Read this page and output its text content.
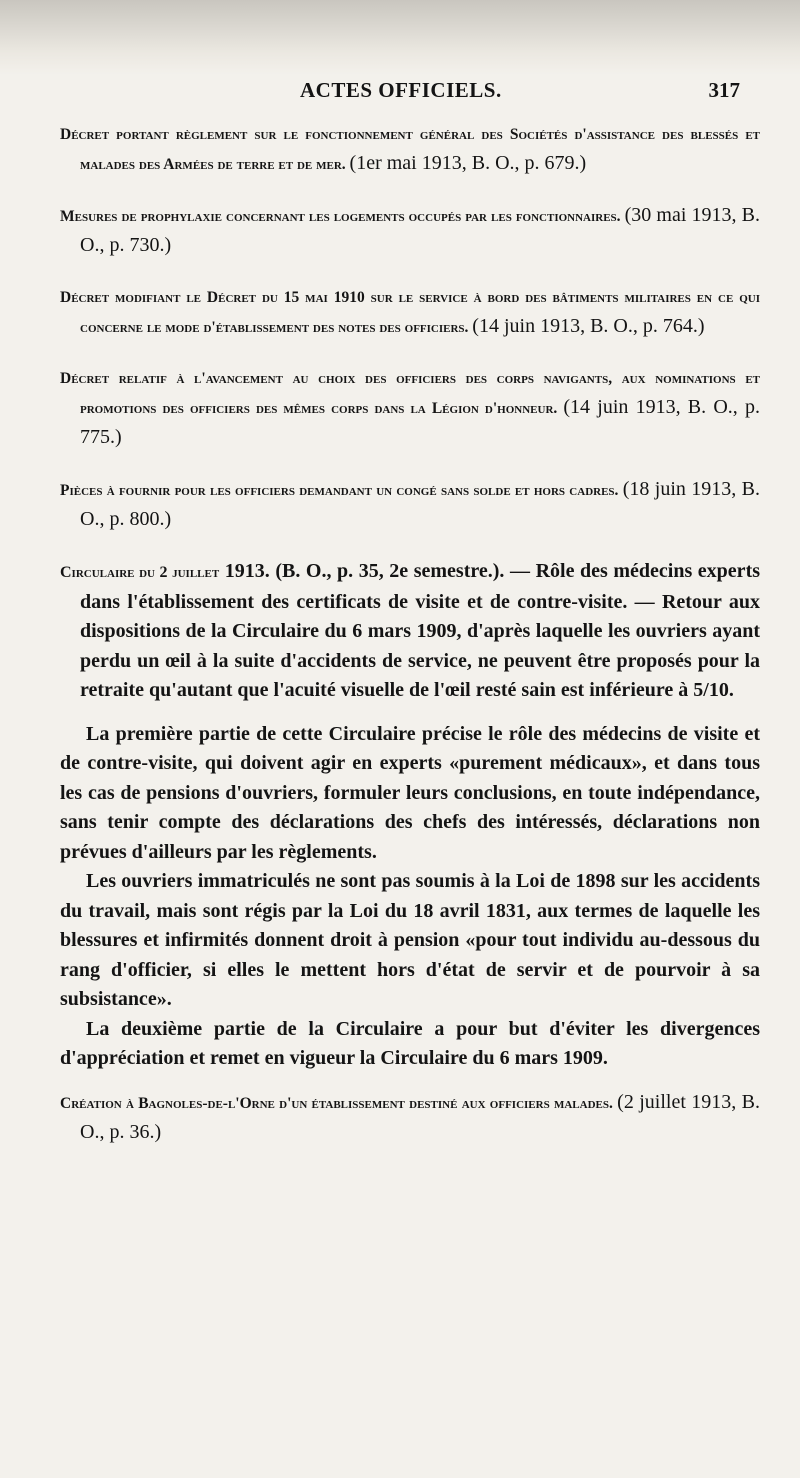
ACTES OFFICIELS.	317
Décret portant règlement sur le fonctionnement général des Sociétés d'assistance des blessés et malades des Armées de terre et de mer. (1er mai 1913, B. O., p. 679.)
Mesures de prophylaxie concernant les logements occupés par les fonctionnaires. (30 mai 1913, B. O., p. 730.)
Décret modifiant le Décret du 15 mai 1910 sur le service à bord des bâtiments militaires en ce qui concerne le mode d'établissement des notes des officiers. (14 juin 1913, B. O., p. 764.)
Décret relatif à l'avancement au choix des officiers des corps navigants, aux nominations et promotions des officiers des mêmes corps dans la Légion d'honneur. (14 juin 1913, B. O., p. 775.)
Pièces à fournir pour les officiers demandant un congé sans solde et hors cadres. (18 juin 1913, B. O., p. 800.)
Circulaire du 2 juillet 1913. (B. O., p. 35, 2e semestre.). — Rôle des médecins experts dans l'établissement des certificats de visite et de contre-visite. — Retour aux dispositions de la Circulaire du 6 mars 1909, d'après laquelle les ouvriers ayant perdu un œil à la suite d'accidents de service, ne peuvent être proposés pour la retraite qu'autant que l'acuité visuelle de l'œil resté sain est inférieure à 5/10.

La première partie de cette Circulaire précise le rôle des médecins de visite et de contre-visite, qui doivent agir en experts «purement médicaux», et dans tous les cas de pensions d'ouvriers, formuler leurs conclusions, en toute indépendance, sans tenir compte des déclarations des chefs des intéressés, déclarations non prévues d'ailleurs par les règlements.

Les ouvriers immatriculés ne sont pas soumis à la Loi de 1898 sur les accidents du travail, mais sont régis par la Loi du 18 avril 1831, aux termes de laquelle les blessures et infirmités donnent droit à pension «pour tout individu au-dessous du rang d'officier, si elles le mettent hors d'état de servir et de pourvoir à sa subsistance».

La deuxième partie de la Circulaire a pour but d'éviter les divergences d'appréciation et remet en vigueur la Circulaire du 6 mars 1909.

Création à Bagnoles-de-l'Orne d'un établissement destiné aux officiers malades. (2 juillet 1913, B. O., p. 36.)
